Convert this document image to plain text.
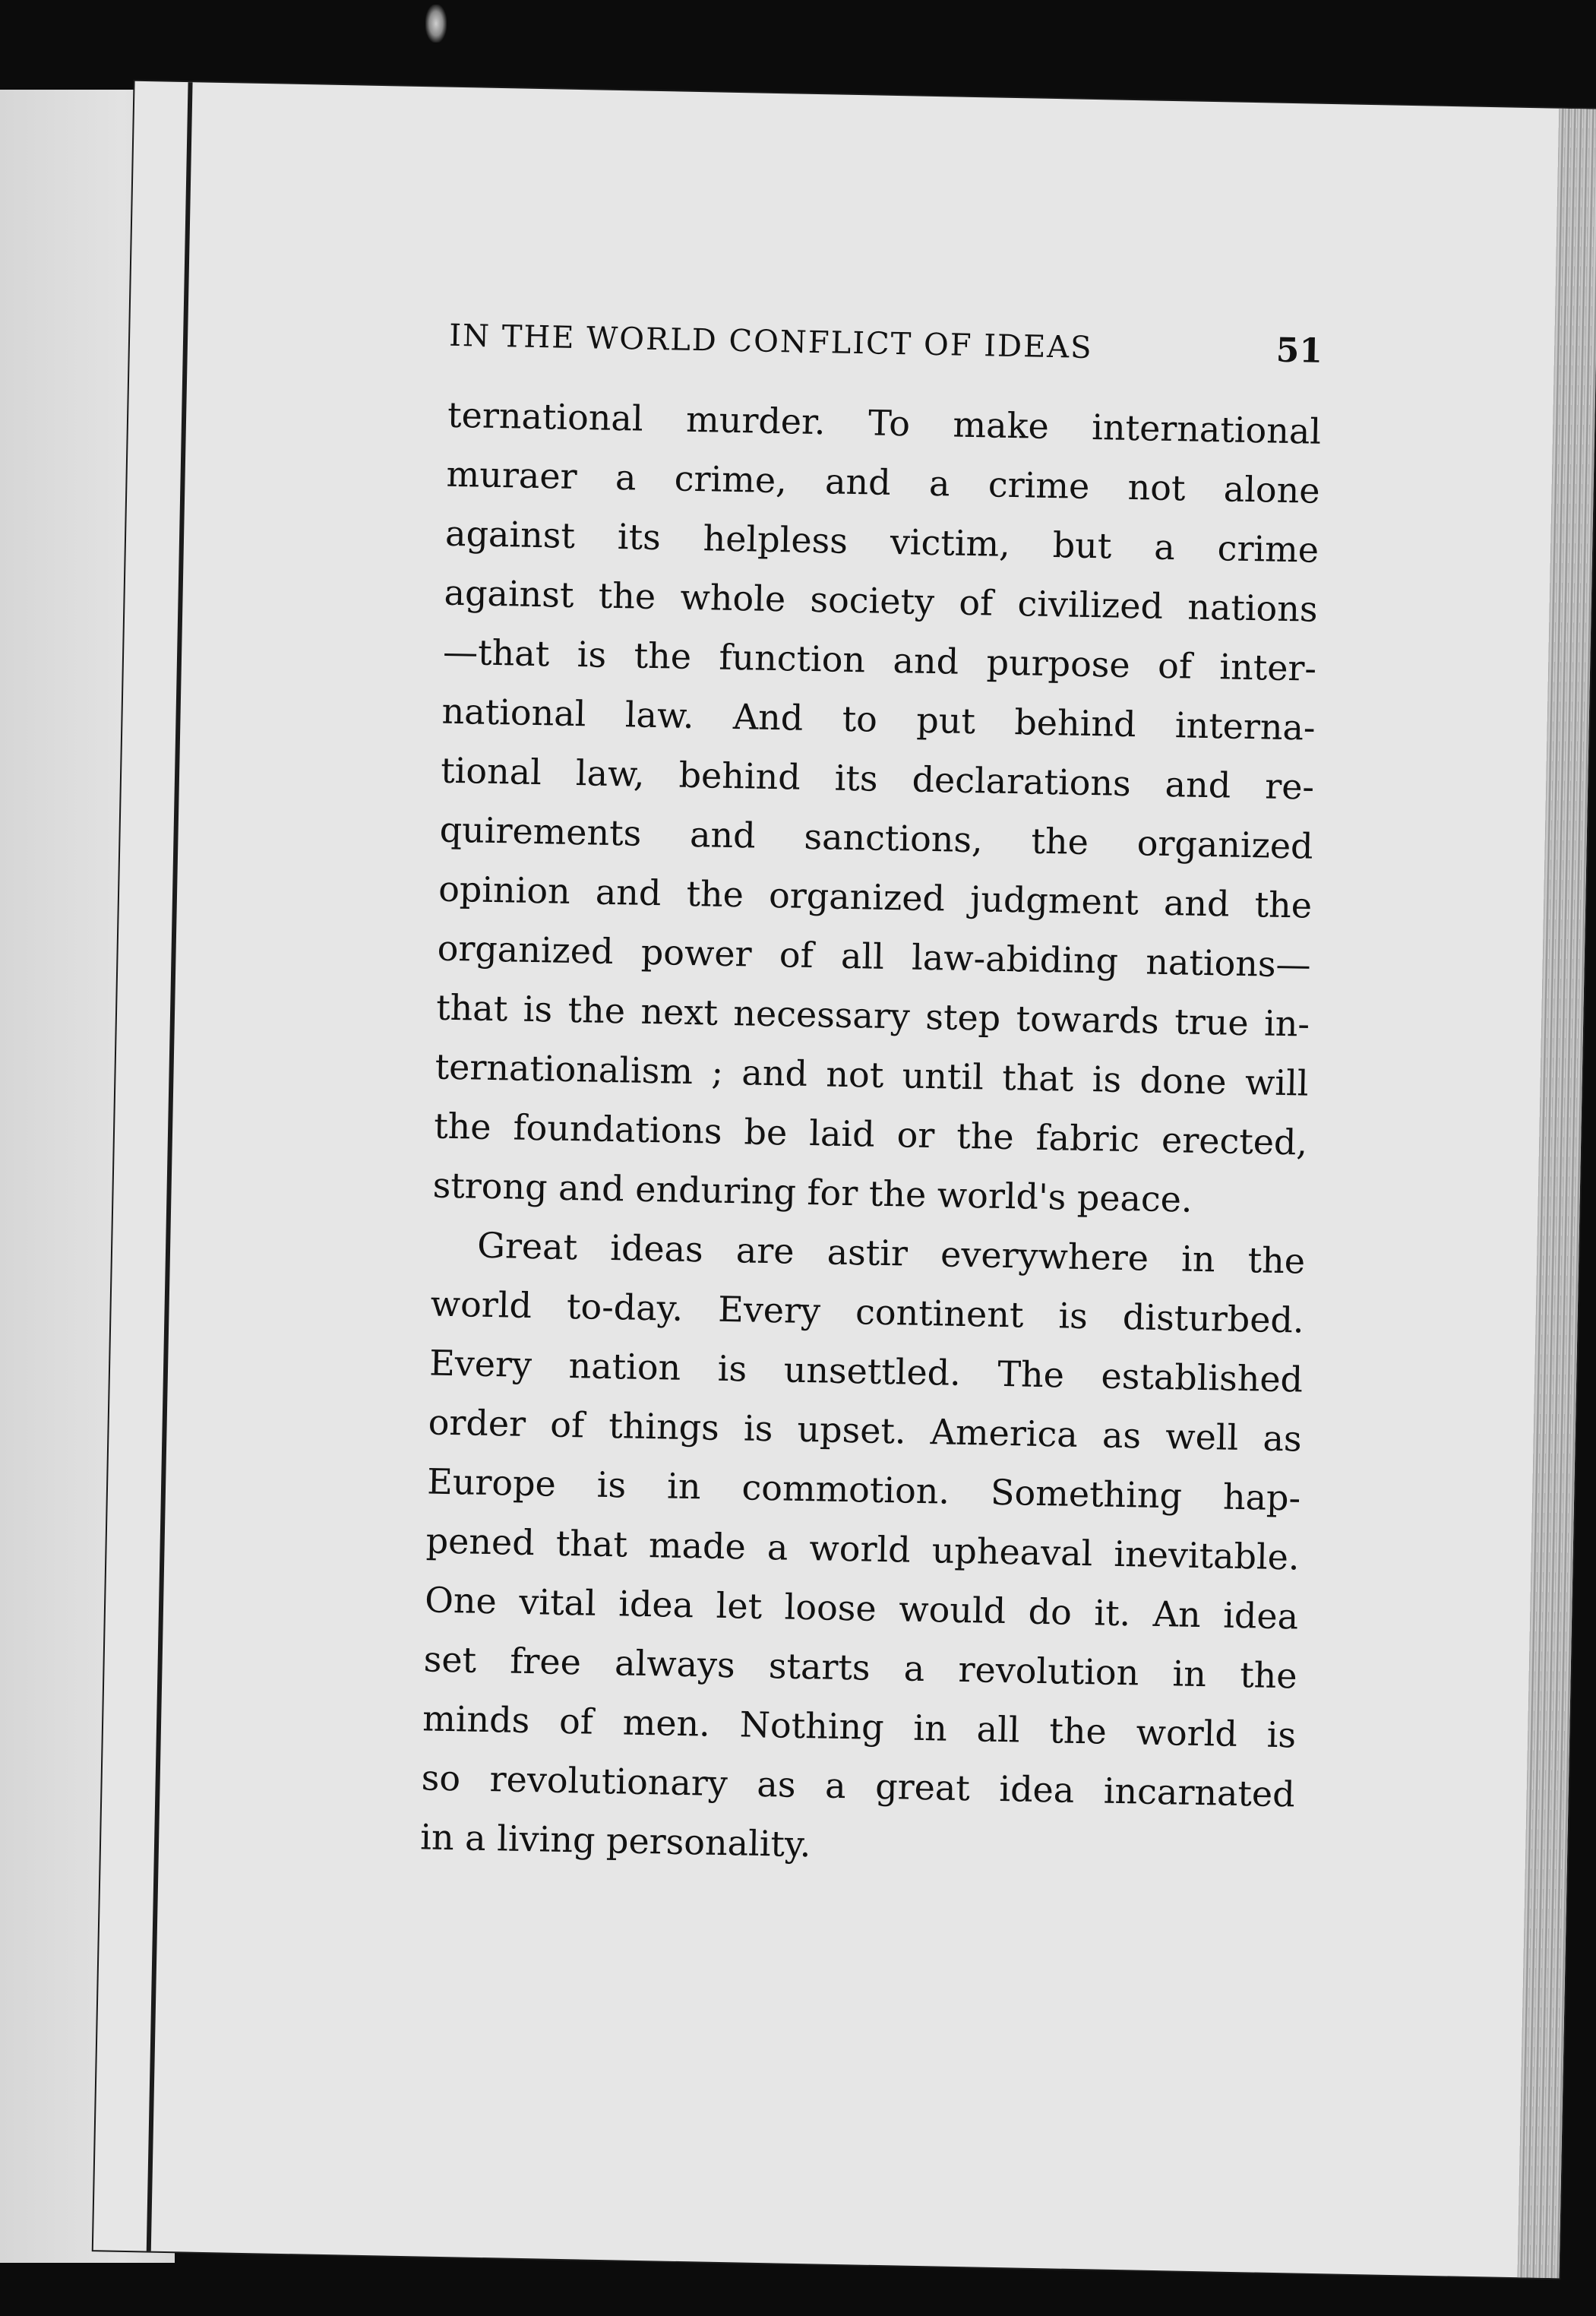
IN THE WORLD CONFLICT OF IDEAS	51
ternational murder. To make international
muraer a crime, and a crime not alone
against its helpless victim, but a crime
against the whole society of civilized nations
—that is the function and purpose of inter-
national law. And to put behind interna-
tional law, behind its declarations and re-
quirements and sanctions, the organized
opinion and the organized judgment and the
organized power of all law-abiding nations—
that is the next necessary step towards true in-
ternationalism ; and not until that is done will
the foundations be laid or the fabric erected,
strong and enduring for the world's peace.
Great ideas are astir everywhere in the
world to-day. Every continent is disturbed.
Every nation is unsettled. The established
order of things is upset. America as well as
Europe is in commotion. Something hap-
pened that made a world upheaval inevitable.
One vital idea let loose would do it. An idea
set free always starts a revolution in the
minds of men. Nothing in all the world is
so revolutionary as a great idea incarnated
in a living personality.
